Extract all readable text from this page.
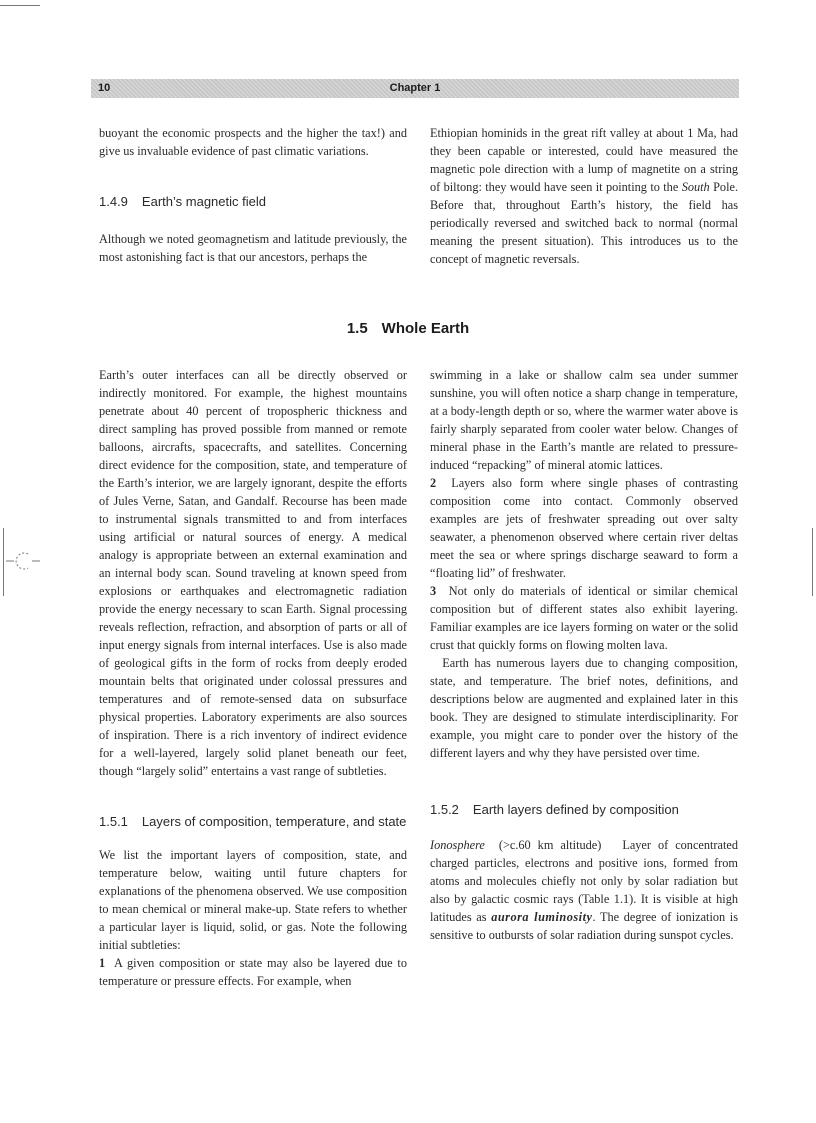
10	Chapter 1

buoyant the economic prospects and the higher the tax!) and give us invaluable evidence of past climatic variations.

1.4.9 Earth’s magnetic field

Although we noted geomagnetism and latitude previously, the most astonishing fact is that our ancestors, perhaps the

Ethiopian hominids in the great rift valley at about 1 Ma, had they been capable or interested, could have measured the magnetic pole direction with a lump of magnetite on a string of biltong: they would have seen it pointing to the South Pole. Before that, throughout Earth’s history, the field has periodically reversed and switched back to normal (normal meaning the present situation). This introduces us to the concept of magnetic reversals.

1.5 Whole Earth

Earth’s outer interfaces can all be directly observed or indirectly monitored. For example, the highest mountains penetrate about 40 percent of tropospheric thickness and direct sampling has proved possible from manned or remote balloons, aircrafts, spacecrafts, and satellites. Concerning direct evidence for the composition, state, and temperature of the Earth’s interior, we are largely ignorant, despite the efforts of Jules Verne, Satan, and Gandalf. Recourse has been made to instrumental signals transmitted to and from interfaces using artificial or natural sources of energy. A medical analogy is appropriate between an external examination and an internal body scan. Sound traveling at known speed from explosions or earthquakes and electromagnetic radiation provide the energy necessary to scan Earth. Signal processing reveals reflection, refraction, and absorption of parts or all of input energy signals from internal interfaces. Use is also made of geological gifts in the form of rocks from deeply eroded mountain belts that originated under colossal pressures and temperatures and of remote-sensed data on subsurface physical properties. Laboratory experiments are also sources of inspiration. There is a rich inventory of indirect evidence for a well-layered, largely solid planet beneath our feet, though “largely solid” entertains a vast range of subtleties.

1.5.1 Layers of composition, temperature, and state

We list the important layers of composition, state, and temperature below, waiting until future chapters for explanations of the phenomena observed. We use composition to mean chemical or mineral make-up. State refers to whether a particular layer is liquid, solid, or gas. Note the following initial subtleties:

1 A given composition or state may also be layered due to temperature or pressure effects. For example, when

swimming in a lake or shallow calm sea under summer sunshine, you will often notice a sharp change in temperature, at a body-length depth or so, where the warmer water above is fairly sharply separated from cooler water below. Changes of mineral phase in the Earth’s mantle are related to pressure-induced “repacking” of mineral atomic lattices.

2 Layers also form where single phases of contrasting composition come into contact. Commonly observed examples are jets of freshwater spreading out over salty seawater, a phenomenon observed where certain river deltas meet the sea or where springs discharge seaward to form a “floating lid” of freshwater.

3 Not only do materials of identical or similar chemical composition but of different states also exhibit layering. Familiar examples are ice layers forming on water or the solid crust that quickly forms on flowing molten lava.

Earth has numerous layers due to changing composition, state, and temperature. The brief notes, definitions, and descriptions below are augmented and explained later in this book. They are designed to stimulate interdisciplinarity. For example, you might care to ponder over the history of the different layers and why they have persisted over time.

1.5.2 Earth layers defined by composition

Ionosphere (>c.60 km altitude) Layer of concentrated charged particles, electrons and positive ions, formed from atoms and molecules chiefly not only by solar radiation but also by galactic cosmic rays (Table 1.1). It is visible at high latitudes as aurora luminosity. The degree of ionization is sensitive to outbursts of solar radiation during sunspot cycles.
